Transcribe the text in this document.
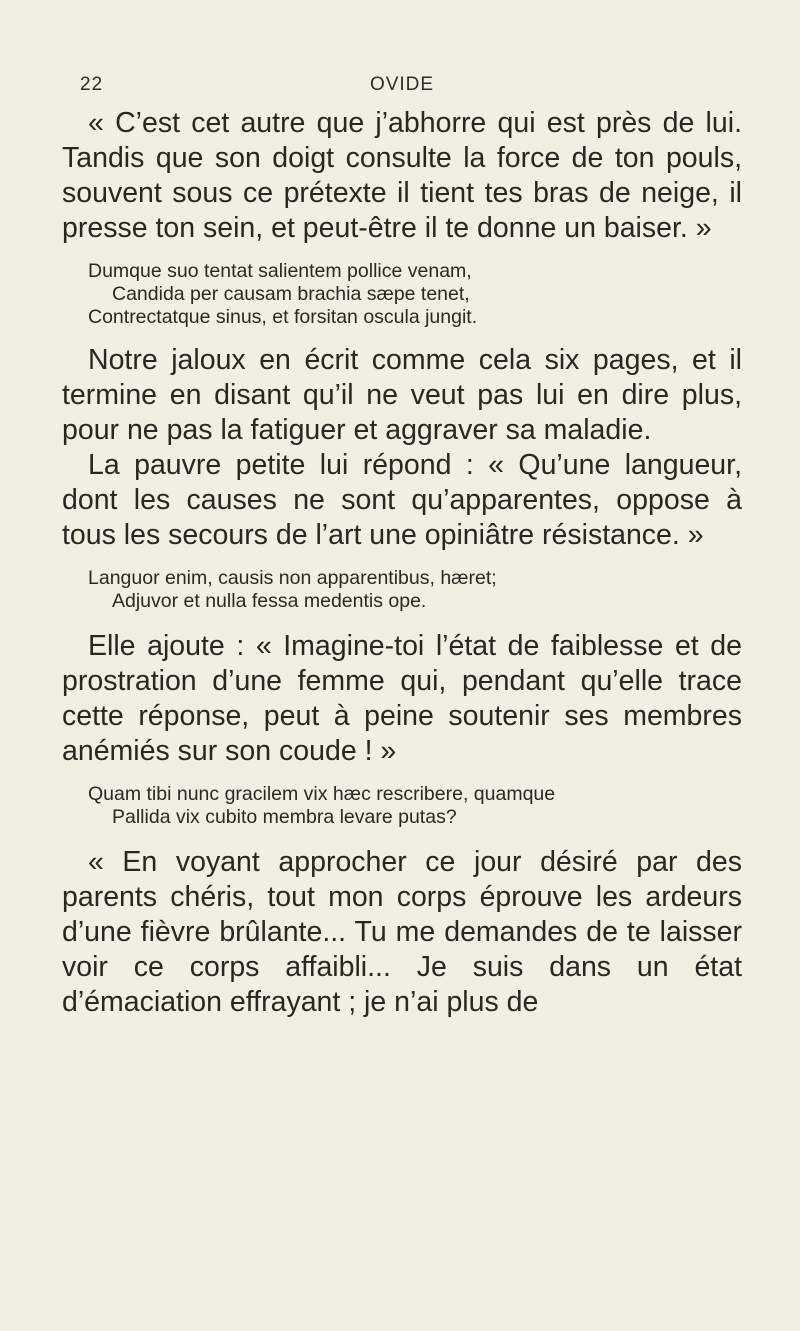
22	OVIDE

« C’est cet autre que j’abhorre qui est près de lui. Tandis que son doigt consulte la force de ton pouls, souvent sous ce prétexte il tient tes bras de neige, il presse ton sein, et peut-être il te donne un baiser. »

Dumque suo tentat salientem pollice venam,
Candida per causam brachia sæpe tenet,
Contrectatque sinus, et forsitan oscula jungit.

Notre jaloux en écrit comme cela six pages, et il termine en disant qu’il ne veut pas lui en dire plus, pour ne pas la fatiguer et aggraver sa maladie.

La pauvre petite lui répond : « Qu’une langueur, dont les causes ne sont qu’apparentes, oppose à tous les secours de l’art une opiniâtre résistance. »

Languor enim, causis non apparentibus, hæret;
Adjuvor et nulla fessa medentis ope.

Elle ajoute : « Imagine-toi l’état de faiblesse et de prostration d’une femme qui, pendant qu’elle trace cette réponse, peut à peine soutenir ses membres anémiés sur son coude ! »

Quam tibi nunc gracilem vix hæc rescribere, quamque
Pallida vix cubito membra levare putas?

« En voyant approcher ce jour désiré par des parents chéris, tout mon corps éprouve les ardeurs d’une fièvre brûlante... Tu me demandes de te laisser voir ce corps affaibli... Je suis dans un état d’émaciation effrayant ; je n’ai plus de
